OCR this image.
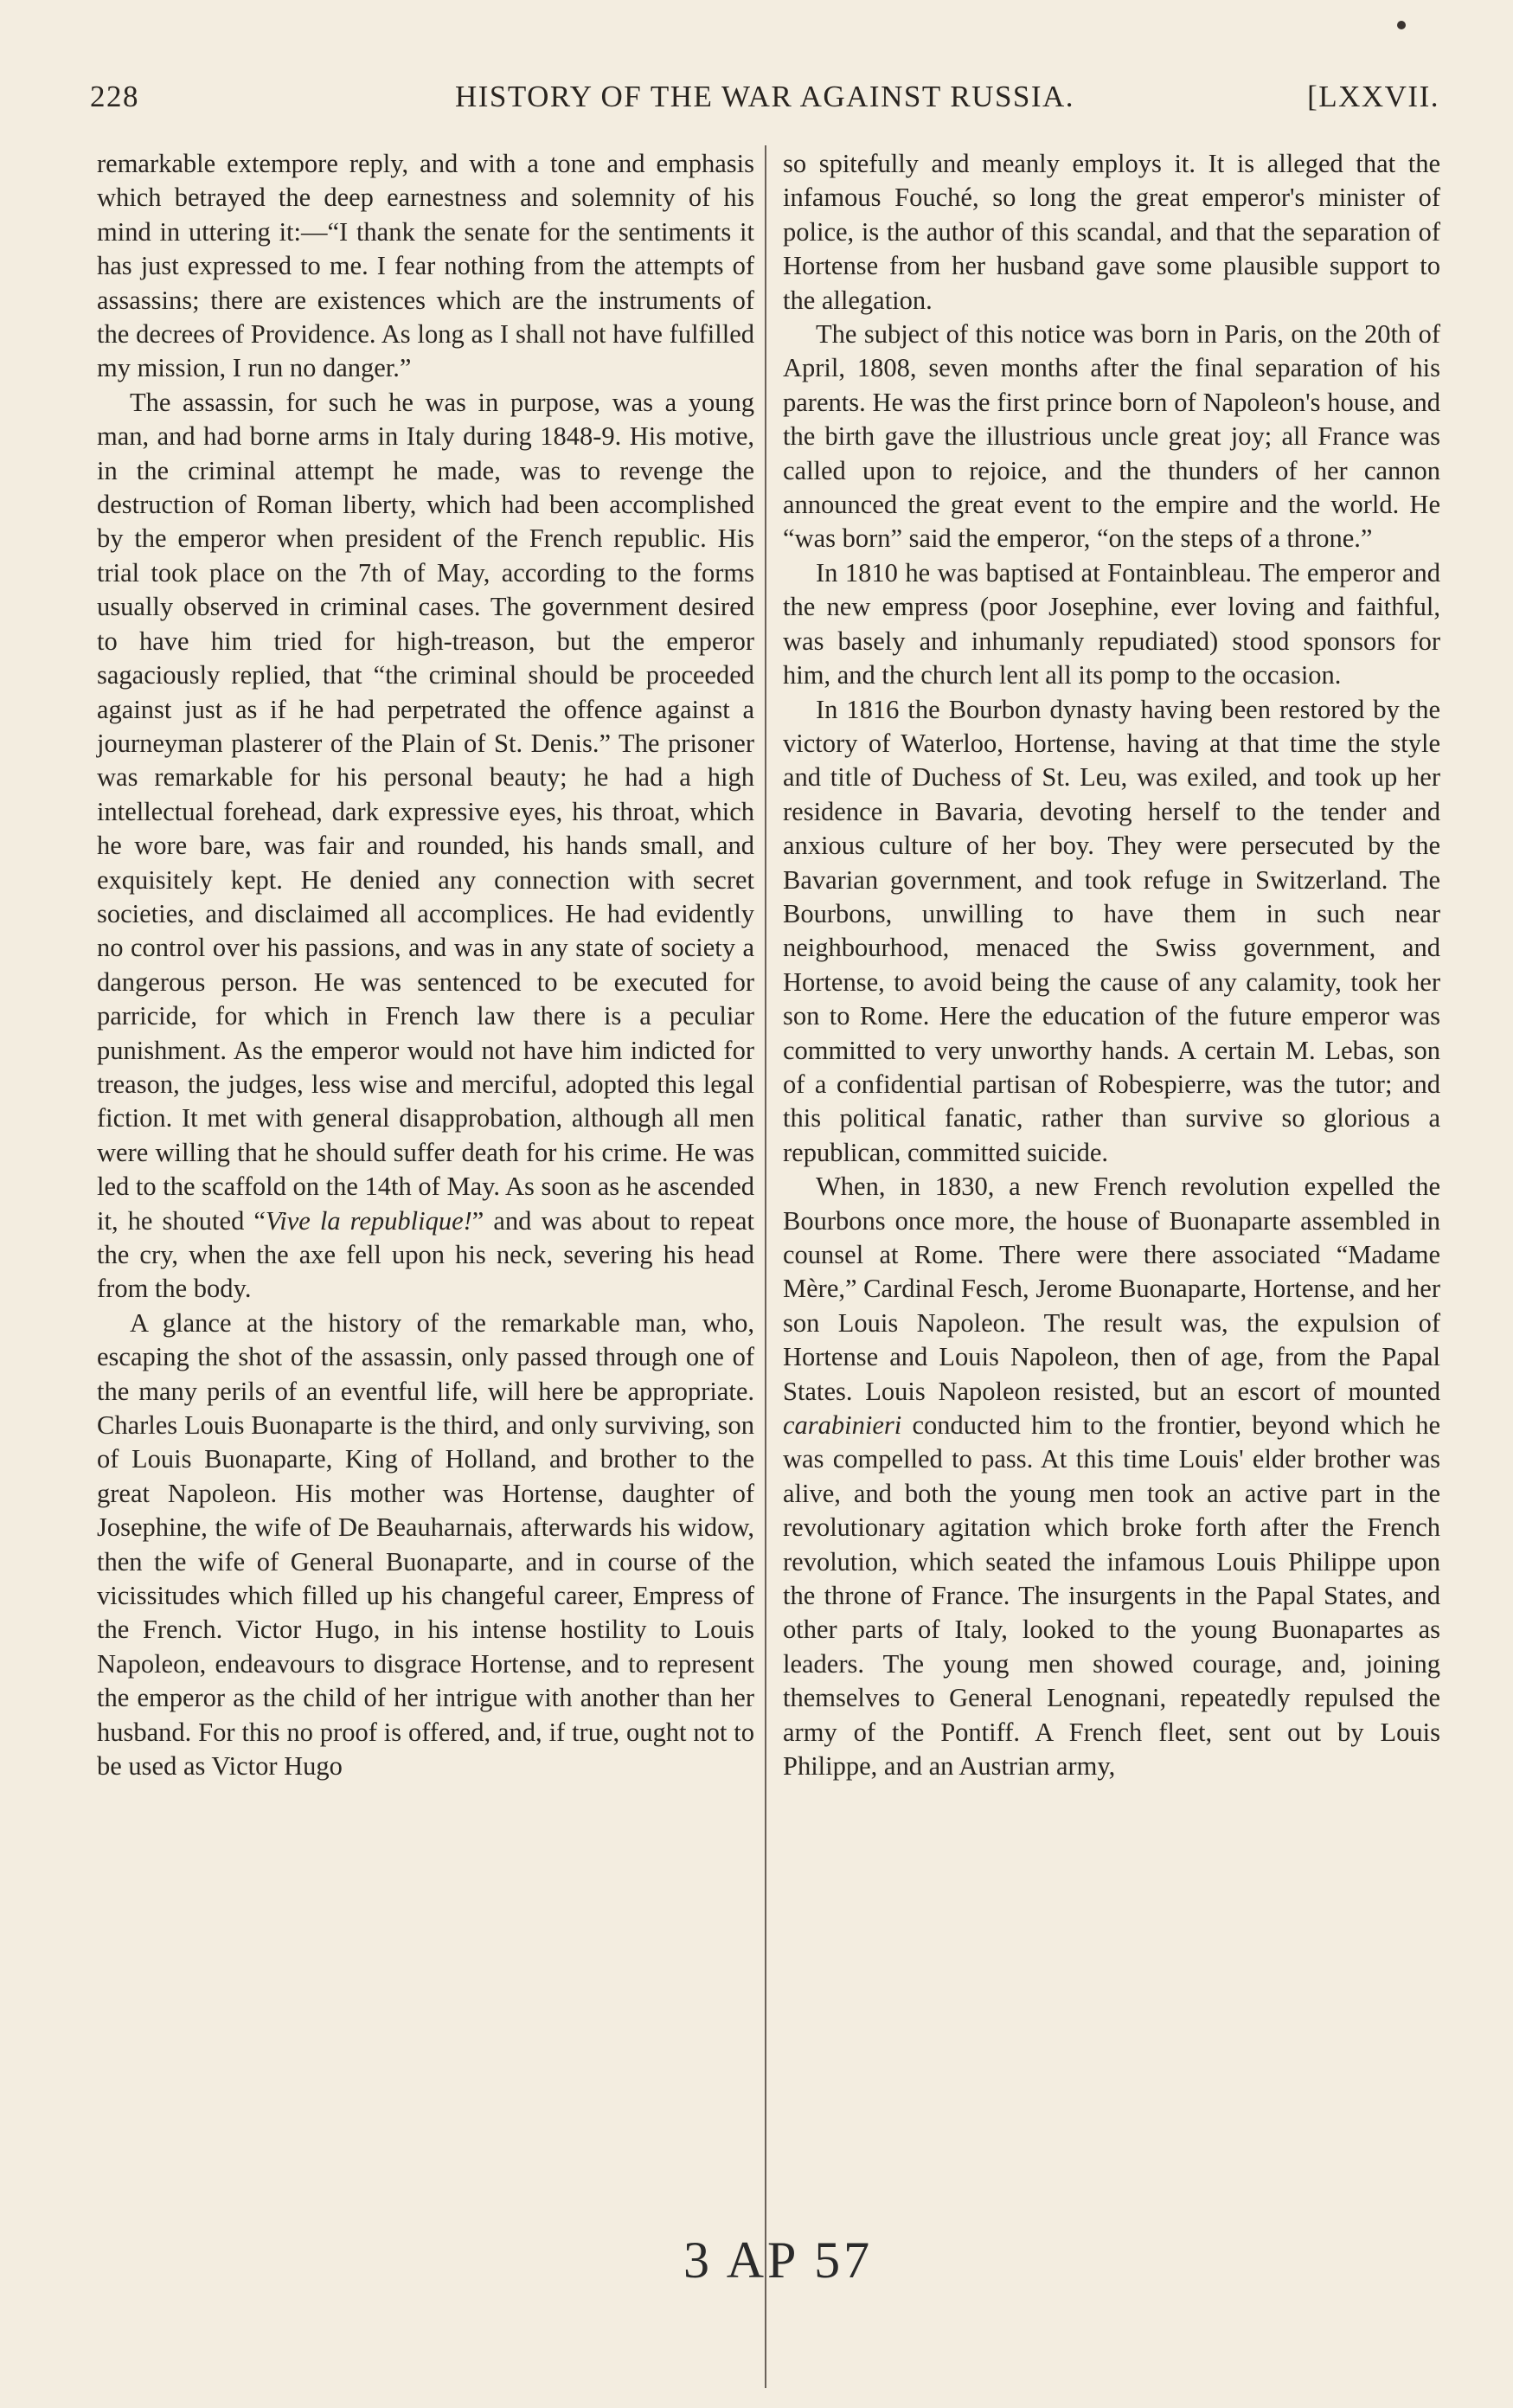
228	HISTORY OF THE WAR AGAINST RUSSIA.	[LXXVII.

remarkable extempore reply, and with a tone and emphasis which betrayed the deep earnestness and solemnity of his mind in uttering it:—“I thank the senate for the sentiments it has just expressed to me. I fear nothing from the attempts of assassins; there are existences which are the instruments of the decrees of Providence. As long as I shall not have fulfilled my mission, I run no danger.”

The assassin, for such he was in purpose, was a young man, and had borne arms in Italy during 1848-9. His motive, in the criminal attempt he made, was to revenge the destruction of Roman liberty, which had been accomplished by the emperor when president of the French republic. His trial took place on the 7th of May, according to the forms usually observed in criminal cases. The government desired to have him tried for high-treason, but the emperor sagaciously replied, that “the criminal should be proceeded against just as if he had perpetrated the offence against a journeyman plasterer of the Plain of St. Denis.” The prisoner was remarkable for his personal beauty; he had a high intellectual forehead, dark expressive eyes, his throat, which he wore bare, was fair and rounded, his hands small, and exquisitely kept. He denied any connection with secret societies, and disclaimed all accomplices. He had evidently no control over his passions, and was in any state of society a dangerous person. He was sentenced to be executed for parricide, for which in French law there is a peculiar punishment. As the emperor would not have him indicted for treason, the judges, less wise and merciful, adopted this legal fiction. It met with general disapprobation, although all men were willing that he should suffer death for his crime. He was led to the scaffold on the 14th of May. As soon as he ascended it, he shouted “Vive la republique!” and was about to repeat the cry, when the axe fell upon his neck, severing his head from the body.

A glance at the history of the remarkable man, who, escaping the shot of the assassin, only passed through one of the many perils of an eventful life, will here be appropriate. Charles Louis Buonaparte is the third, and only surviving, son of Louis Buonaparte, King of Holland, and brother to the great Napoleon. His mother was Hortense, daughter of Josephine, the wife of De Beauharnais, afterwards his widow, then the wife of General Buonaparte, and in course of the vicissitudes which filled up his changeful career, Empress of the French. Victor Hugo, in his intense hostility to Louis Napoleon, endeavours to disgrace Hortense, and to represent the emperor as the child of her intrigue with another than her husband. For this no proof is offered, and, if true, ought not to be used as Victor Hugo

so spitefully and meanly employs it. It is alleged that the infamous Fouché, so long the great emperor's minister of police, is the author of this scandal, and that the separation of Hortense from her husband gave some plausible support to the allegation.

The subject of this notice was born in Paris, on the 20th of April, 1808, seven months after the final separation of his parents. He was the first prince born of Napoleon's house, and the birth gave the illustrious uncle great joy; all France was called upon to rejoice, and the thunders of her cannon announced the great event to the empire and the world. He “was born” said the emperor, “on the steps of a throne.”

In 1810 he was baptised at Fontainbleau. The emperor and the new empress (poor Josephine, ever loving and faithful, was basely and inhumanly repudiated) stood sponsors for him, and the church lent all its pomp to the occasion.

In 1816 the Bourbon dynasty having been restored by the victory of Waterloo, Hortense, having at that time the style and title of Duchess of St. Leu, was exiled, and took up her residence in Bavaria, devoting herself to the tender and anxious culture of her boy. They were persecuted by the Bavarian government, and took refuge in Switzerland. The Bourbons, unwilling to have them in such near neighbourhood, menaced the Swiss government, and Hortense, to avoid being the cause of any calamity, took her son to Rome. Here the education of the future emperor was committed to very unworthy hands. A certain M. Lebas, son of a confidential partisan of Robespierre, was the tutor; and this political fanatic, rather than survive so glorious a republican, committed suicide.

When, in 1830, a new French revolution expelled the Bourbons once more, the house of Buonaparte assembled in counsel at Rome. There were there associated “Madame Mère,” Cardinal Fesch, Jerome Buonaparte, Hortense, and her son Louis Napoleon. The result was, the expulsion of Hortense and Louis Napoleon, then of age, from the Papal States. Louis Napoleon resisted, but an escort of mounted carabinieri conducted him to the frontier, beyond which he was compelled to pass. At this time Louis' elder brother was alive, and both the young men took an active part in the revolutionary agitation which broke forth after the French revolution, which seated the infamous Louis Philippe upon the throne of France. The insurgents in the Papal States, and other parts of Italy, looked to the young Buonapartes as leaders. The young men showed courage, and, joining themselves to General Lenognani, repeatedly repulsed the army of the Pontiff. A French fleet, sent out by Louis Philippe, and an Austrian army,

3 AP 57
